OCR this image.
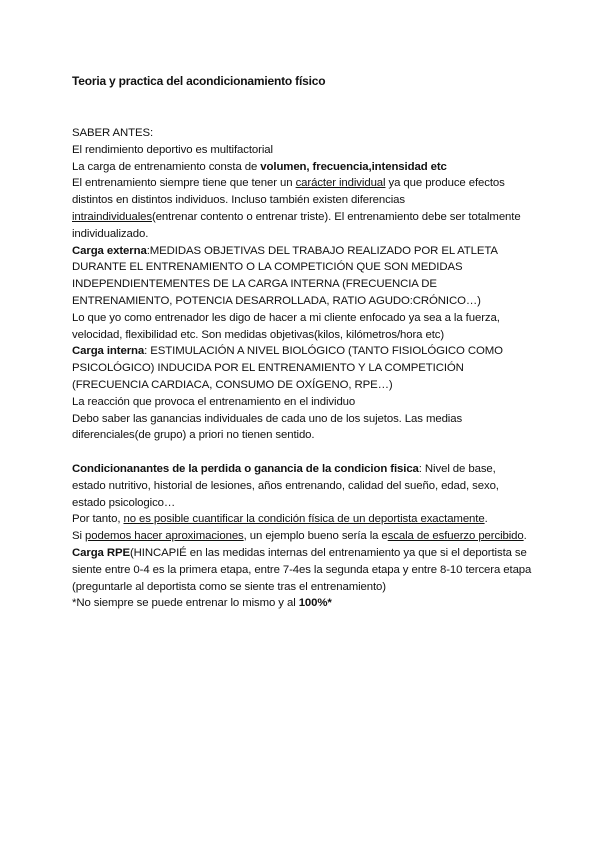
Teoria y practica del acondicionamiento físico

SABER ANTES:

El rendimiento deportivo es multifactorial

La carga de entrenamiento consta de volumen, frecuencia,intensidad etc

El entrenamiento siempre tiene que tener un carácter individual ya que produce efectos distintos en distintos individuos. Incluso también existen diferencias intraindividuales(entrenar contento o entrenar triste). El entrenamiento debe ser totalmente individualizado.

Carga externa:MEDIDAS OBJETIVAS DEL TRABAJO REALIZADO POR EL ATLETA DURANTE EL ENTRENAMIENTO O LA COMPETICIÓN QUE SON MEDIDAS INDEPENDIENTEMENTES DE LA CARGA INTERNA (FRECUENCIA DE ENTRENAMIENTO, POTENCIA DESARROLLADA, RATIO AGUDO:CRÓNICO…)

Lo que yo como entrenador les digo de hacer a mi cliente enfocado ya sea a la fuerza, velocidad, flexibilidad etc. Son medidas objetivas(kilos, kilómetros/hora etc)

Carga interna: ESTIMULACIÓN A NIVEL BIOLÓGICO (TANTO FISIOLÓGICO COMO PSICOLÓGICO) INDUCIDA POR EL ENTRENAMIENTO Y LA COMPETICIÓN (FRECUENCIA CARDIACA, CONSUMO DE OXÍGENO, RPE…)

La reacción que provoca el entrenamiento en el individuo

Debo saber las ganancias individuales de cada uno de los sujetos. Las medias diferenciales(de grupo) a priori no tienen sentido.

Condicionanantes de la perdida o ganancia de la condicion fisica: Nivel de base, estado nutritivo, historial de lesiones, años entrenando, calidad del sueño, edad, sexo, estado psicologico…

Por tanto, no es posible cuantificar la condición física de un deportista exactamente.

Si podemos hacer aproximaciones, un ejemplo bueno sería la escala de esfuerzo percibido. Carga RPE(HINCAPIÉ en las medidas internas del entrenamiento ya que si el deportista se siente entre 0-4 es la primera etapa, entre 7-4es la segunda etapa y entre 8-10 tercera etapa (preguntarle al deportista como se siente tras el entrenamiento)

*No siempre se puede entrenar lo mismo y al 100%*
